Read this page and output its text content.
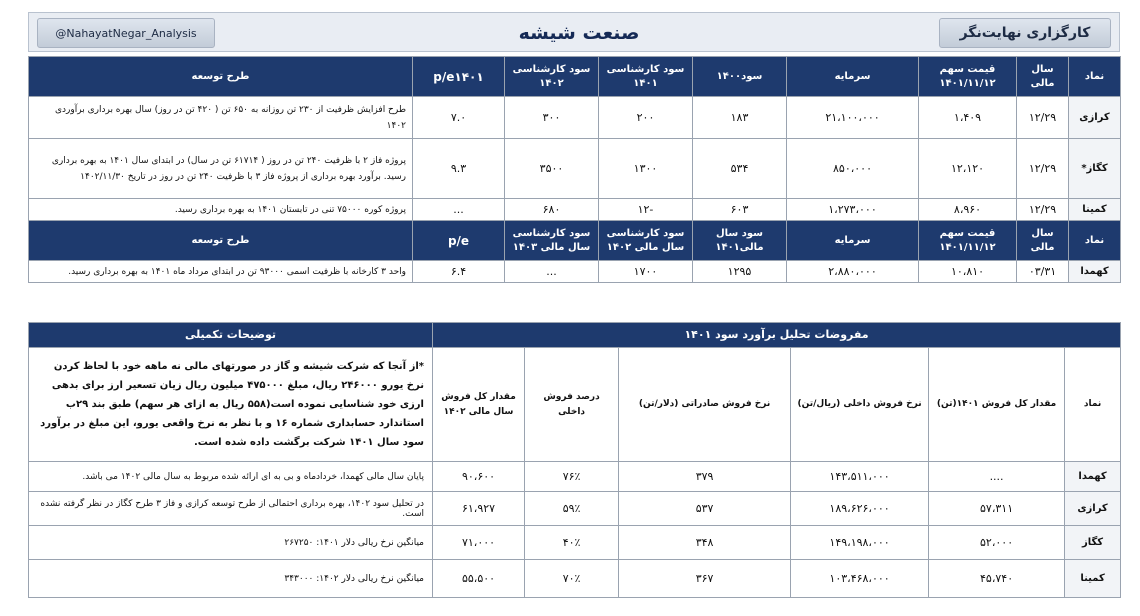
@NahayatNegar_Analysis	صنعت شیشه	کارگزاری نهایت‌نگر
نماد	سال مالی	قیمت سهم ۱۴۰۱/۱۱/۱۲	سرمایه	سود۱۴۰۰	سود کارشناسی ۱۴۰۱	سود کارشناسی ۱۴۰۲	p/e۱۴۰۱	طرح توسعه
کرازی	۱۲/۲۹	۱،۴۰۹	۲۱،۱۰۰،۰۰۰	۱۸۳	۲۰۰	۳۰۰	۷.۰	طرح افزایش ظرفیت از ۲۳۰ تن روزانه به ۶۵۰ تن ( ۴۲۰ تن در روز) سال بهره برداری برآوردی ۱۴۰۲
کگاز*	۱۲/۲۹	۱۲،۱۲۰	۸۵۰،۰۰۰	۵۳۴	۱۳۰۰	۳۵۰۰	۹.۳	پروژه فاز ۲ با ظرفیت ۲۴۰ تن در روز ( ۶۱۷۱۴ تن در سال) در ابتدای سال ۱۴۰۱ به بهره برداری رسید. برآورد بهره برداری از پروژه فاز ۳ با ظرفیت ۲۴۰ تن در روز در تاریخ ۱۴۰۲/۱۱/۳۰
کمینا	۱۲/۲۹	۸،۹۶۰	۱،۲۷۳،۰۰۰	۶۰۳	-۱۲	۶۸۰	...	پروژه کوره ۷۵۰۰۰ تنی در تابستان ۱۴۰۱ به بهره برداری رسید.
نماد	سال مالی	قیمت سهم ۱۴۰۱/۱۱/۱۲	سرمایه	سود سال مالی۱۴۰۱	سود کارشناسی سال مالی ۱۴۰۲	سود کارشناسی سال مالی ۱۴۰۳	p/e	طرح توسعه
کهمدا	۰۳/۳۱	۱۰،۸۱۰	۲،۸۸۰،۰۰۰	۱۲۹۵	۱۷۰۰	...	۶.۴	واحد ۳ کارخانه با ظرفیت اسمی ۹۳۰۰۰ تن در ابتدای مرداد ماه ۱۴۰۱ به بهره برداری رسید.
مفروضات تحلیل برآورد سود ۱۴۰۱						توضیحات تکمیلی
نماد	مقدار کل فروش ۱۴۰۱(تن)	نرخ فروش داخلی (ریال/تن)	نرخ فروش صادراتی (دلار/تن)	درصد فروش داخلی	مقدار کل فروش سال مالی ۱۴۰۲	*از آنجا که شرکت شیشه و گاز در صورتهای مالی نه ماهه خود با لحاظ کردن نرخ یورو ۲۴۶۰۰۰ ریال، مبلغ ۴۷۵۰۰۰ میلیون ریال زیان تسعیر ارز برای بدهی ارزی خود شناسایی نموده است(۵۵۸ ریال به ازای هر سهم) طبق بند ۲۹ب استاندارد حسابداری شماره ۱۶ و با نظر به نرخ واقعی یورو، این مبلغ در برآورد سود سال ۱۴۰۱ شرکت برگشت داده شده است.
کهمدا	....	۱۴۳،۵۱۱،۰۰۰	۳۷۹	۷۶٪	۹۰،۶۰۰	پایان سال مالی کهمدا، خردادماه و بی به ای ارائه شده مربوط به سال مالی ۱۴۰۲ می باشد.
کرازی	۵۷،۳۱۱	۱۸۹،۶۲۶،۰۰۰	۵۳۷	۵۹٪	۶۱،۹۲۷	در تحلیل سود ۱۴۰۲، بهره برداری احتمالی از طرح توسعه کرازی و فاز ۳ طرح کگاز در نظر گرفته نشده است.
کگاز	۵۲،۰۰۰	۱۴۹،۱۹۸،۰۰۰	۳۴۸	۴۰٪	۷۱،۰۰۰	میانگین نرخ ریالی دلار ۱۴۰۱: ۲۶۷۲۵۰
کمینا	۴۵،۷۴۰	۱۰۳،۴۶۸،۰۰۰	۳۶۷	۷۰٪	۵۵،۵۰۰	میانگین نرخ ریالی دلار ۱۴۰۲: ۳۴۳۰۰۰
